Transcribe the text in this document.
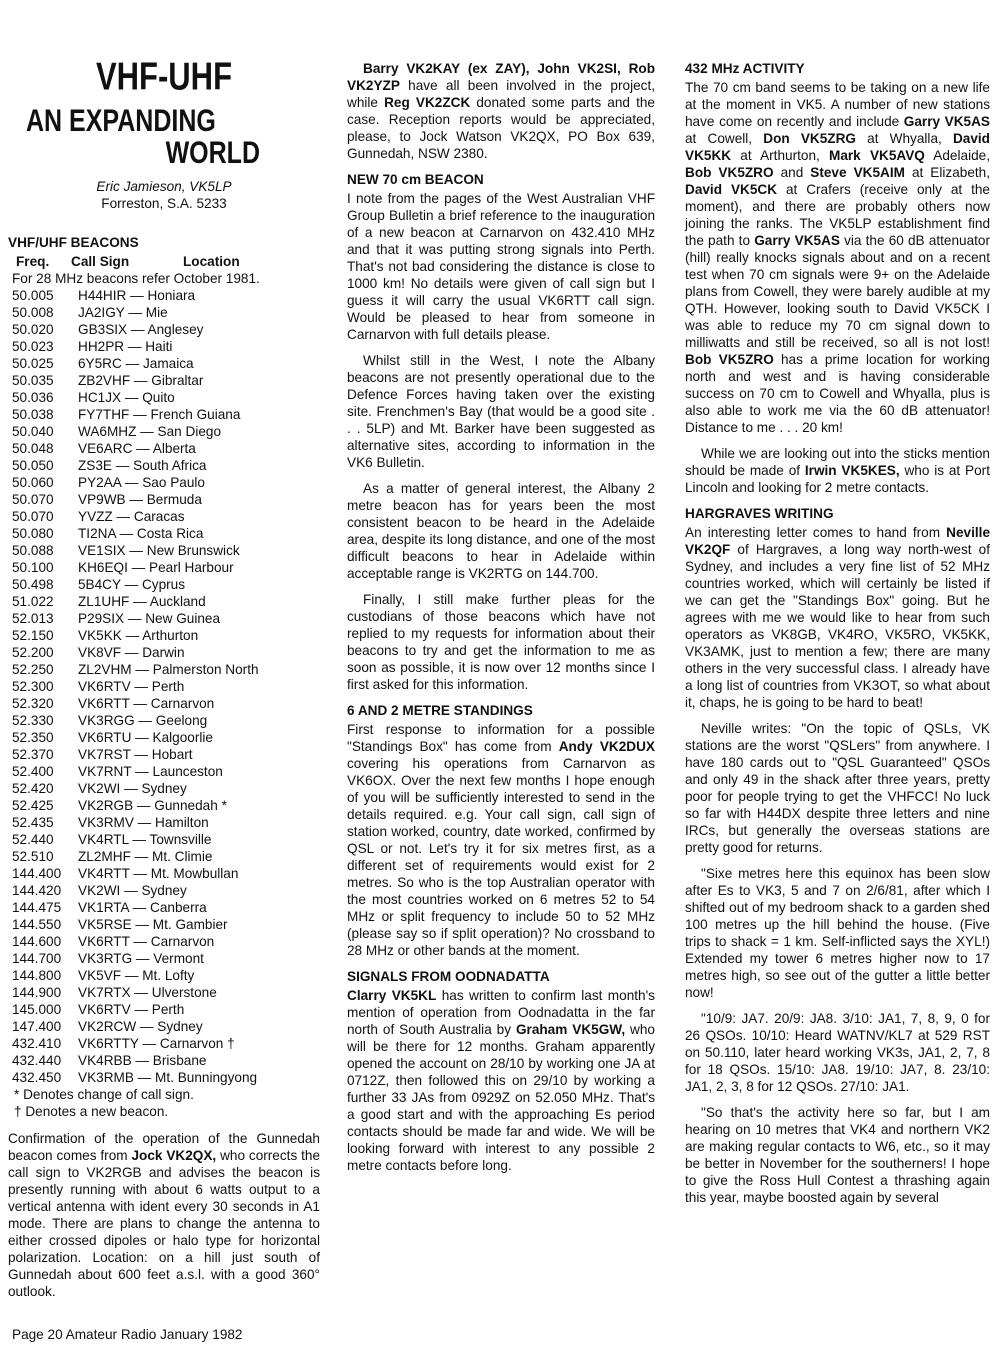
VHF-UHF
AN EXPANDING
WORLD
Eric Jamieson, VK5LP
Forreston, S.A. 5233
VHF/UHF BEACONS
Freq.	Call Sign	Location
For 28 MHz beacons refer October 1981.
50.005	H44HIR — Honiara
50.008	JA2IGY — Mie
50.020	GB3SIX — Anglesey
50.023	HH2PR — Haiti
50.025	6Y5RC — Jamaica
50.035	ZB2VHF — Gibraltar
50.036	HC1JX — Quito
50.038	FY7THF — French Guiana
50.040	WA6MHZ — San Diego
50.048	VE6ARC — Alberta
50.050	ZS3E — South Africa
50.060	PY2AA — Sao Paulo
50.070	VP9WB — Bermuda
50.070	YVZZ — Caracas
50.080	TI2NA — Costa Rica
50.088	VE1SIX — New Brunswick
50.100	KH6EQI — Pearl Harbour
50.498	5B4CY — Cyprus
51.022	ZL1UHF — Auckland
52.013	P29SIX — New Guinea
52.150	VK5KK — Arthurton
52.200	VK8VF — Darwin
52.250	ZL2VHM — Palmerston North
52.300	VK6RTV — Perth
52.320	VK6RTT — Carnarvon
52.330	VK3RGG — Geelong
52.350	VK6RTU — Kalgoorlie
52.370	VK7RST — Hobart
52.400	VK7RNT — Launceston
52.420	VK2WI — Sydney
52.425	VK2RGB — Gunnedah *
52.435	VK3RMV — Hamilton
52.440	VK4RTL — Townsville
52.510	ZL2MHF — Mt. Climie
144.400	VK4RTT — Mt. Mowbullan
144.420	VK2WI — Sydney
144.475	VK1RTA — Canberra
144.550	VK5RSE — Mt. Gambier
144.600	VK6RTT — Carnarvon
144.700	VK3RTG — Vermont
144.800	VK5VF — Mt. Lofty
144.900	VK7RTX — Ulverstone
145.000	VK6RTV — Perth
147.400	VK2RCW — Sydney
432.410	VK6RTTY — Carnarvon †
432.440	VK4RBB — Brisbane
432.450	VK3RMB — Mt. Bunningyong
* Denotes change of call sign.
† Denotes a new beacon.

Confirmation of the operation of the Gunnedah beacon comes from Jock VK2QX, who corrects the call sign to VK2RGB and advises the beacon is presently running with about 6 watts output to a vertical antenna with ident every 30 seconds in A1 mode. There are plans to change the antenna to either crossed dipoles or halo type for horizontal polarization. Location: on a hill just south of Gunnedah about 600 feet a.s.l. with a good 360° outlook.

Barry VK2KAY (ex ZAY), John VK2SI, Rob VK2YZP have all been involved in the project, while Reg VK2ZCK donated some parts and the case. Reception reports would be appreciated, please, to Jock Watson VK2QX, PO Box 639, Gunnedah, NSW 2380.

NEW 70 cm BEACON

I note from the pages of the West Australian VHF Group Bulletin a brief reference to the inauguration of a new beacon at Carnarvon on 432.410 MHz and that it was putting strong signals into Perth. That's not bad considering the distance is close to 1000 km! No details were given of call sign but I guess it will carry the usual VK6RTT call sign. Would be pleased to hear from someone in Carnarvon with full details please.

Whilst still in the West, I note the Albany beacons are not presently operational due to the Defence Forces having taken over the existing site. Frenchmen's Bay (that would be a good site . . . 5LP) and Mt. Barker have been suggested as alternative sites, according to information in the VK6 Bulletin.

As a matter of general interest, the Albany 2 metre beacon has for years been the most consistent beacon to be heard in the Adelaide area, despite its long distance, and one of the most difficult beacons to hear in Adelaide within acceptable range is VK2RTG on 144.700.

Finally, I still make further pleas for the custodians of those beacons which have not replied to my requests for information about their beacons to try and get the information to me as soon as possible, it is now over 12 months since I first asked for this information.

6 AND 2 METRE STANDINGS

First response to information for a possible "Standings Box" has come from Andy VK2DUX covering his operations from Carnarvon as VK6OX. Over the next few months I hope enough of you will be sufficiently interested to send in the details required. e.g. Your call sign, call sign of station worked, country, date worked, confirmed by QSL or not. Let's try it for six metres first, as a different set of requirements would exist for 2 metres. So who is the top Australian operator with the most countries worked on 6 metres 52 to 54 MHz or split frequency to include 50 to 52 MHz (please say so if split operation)? No crossband to 28 MHz or other bands at the moment.

SIGNALS FROM OODNADATTA

Clarry VK5KL has written to confirm last month's mention of operation from Oodnadatta in the far north of South Australia by Graham VK5GW, who will be there for 12 months. Graham apparently opened the account on 28/10 by working one JA at 0712Z, then followed this on 29/10 by working a further 33 JAs from 0929Z on 52.050 MHz. That's a good start and with the approaching Es period contacts should be made far and wide. We will be looking forward with interest to any possible 2 metre contacts before long.

432 MHz ACTIVITY

The 70 cm band seems to be taking on a new life at the moment in VK5. A number of new stations have come on recently and include Garry VK5AS at Cowell, Don VK5ZRG at Whyalla, David VK5KK at Arthurton, Mark VK5AVQ Adelaide, Bob VK5ZRO and Steve VK5AIM at Elizabeth, David VK5CK at Crafers (receive only at the moment), and there are probably others now joining the ranks. The VK5LP establishment find the path to Garry VK5AS via the 60 dB attenuator (hill) really knocks signals about and on a recent test when 70 cm signals were 9+ on the Adelaide plans from Cowell, they were barely audible at my QTH. However, looking south to David VK5CK I was able to reduce my 70 cm signal down to milliwatts and still be received, so all is not lost! Bob VK5ZRO has a prime location for working north and west and is having considerable success on 70 cm to Cowell and Whyalla, plus is also able to work me via the 60 dB attenuator! Distance to me . . . 20 km!

While we are looking out into the sticks mention should be made of Irwin VK5KES, who is at Port Lincoln and looking for 2 metre contacts.

HARGRAVES WRITING

An interesting letter comes to hand from Neville VK2QF of Hargraves, a long way north-west of Sydney, and includes a very fine list of 52 MHz countries worked, which will certainly be listed if we can get the "Standings Box" going. But he agrees with me we would like to hear from such operators as VK8GB, VK4RO, VK5RO, VK5KK, VK3AMK, just to mention a few; there are many others in the very successful class. I already have a long list of countries from VK3OT, so what about it, chaps, he is going to be hard to beat!

Neville writes: "On the topic of QSLs, VK stations are the worst "QSLers" from anywhere. I have 180 cards out to "QSL Guaranteed" QSOs and only 49 in the shack after three years, pretty poor for people trying to get the VHFCC! No luck so far with H44DX despite three letters and nine IRCs, but generally the overseas stations are pretty good for returns.

"Sixe metres here this equinox has been slow after Es to VK3, 5 and 7 on 2/6/81, after which I shifted out of my bedroom shack to a garden shed 100 metres up the hill behind the house. (Five trips to shack = 1 km. Self-inflicted says the XYL!) Extended my tower 6 metres higher now to 17 metres high, so see out of the gutter a little better now!

"10/9: JA7. 20/9: JA8. 3/10: JA1, 7, 8, 9, 0 for 26 QSOs. 10/10: Heard WATNV/KL7 at 529 RST on 50.110, later heard working VK3s, JA1, 2, 7, 8 for 18 QSOs. 15/10: JA8. 19/10: JA7, 8. 23/10: JA1, 2, 3, 8 for 12 QSOs. 27/10: JA1.

"So that's the activity here so far, but I am hearing on 10 metres that VK4 and northern VK2 are making regular contacts to W6, etc., so it may be better in November for the southerners! I hope to give the Ross Hull Contest a thrashing again this year, maybe boosted again by several

Page 20 Amateur Radio January 1982
